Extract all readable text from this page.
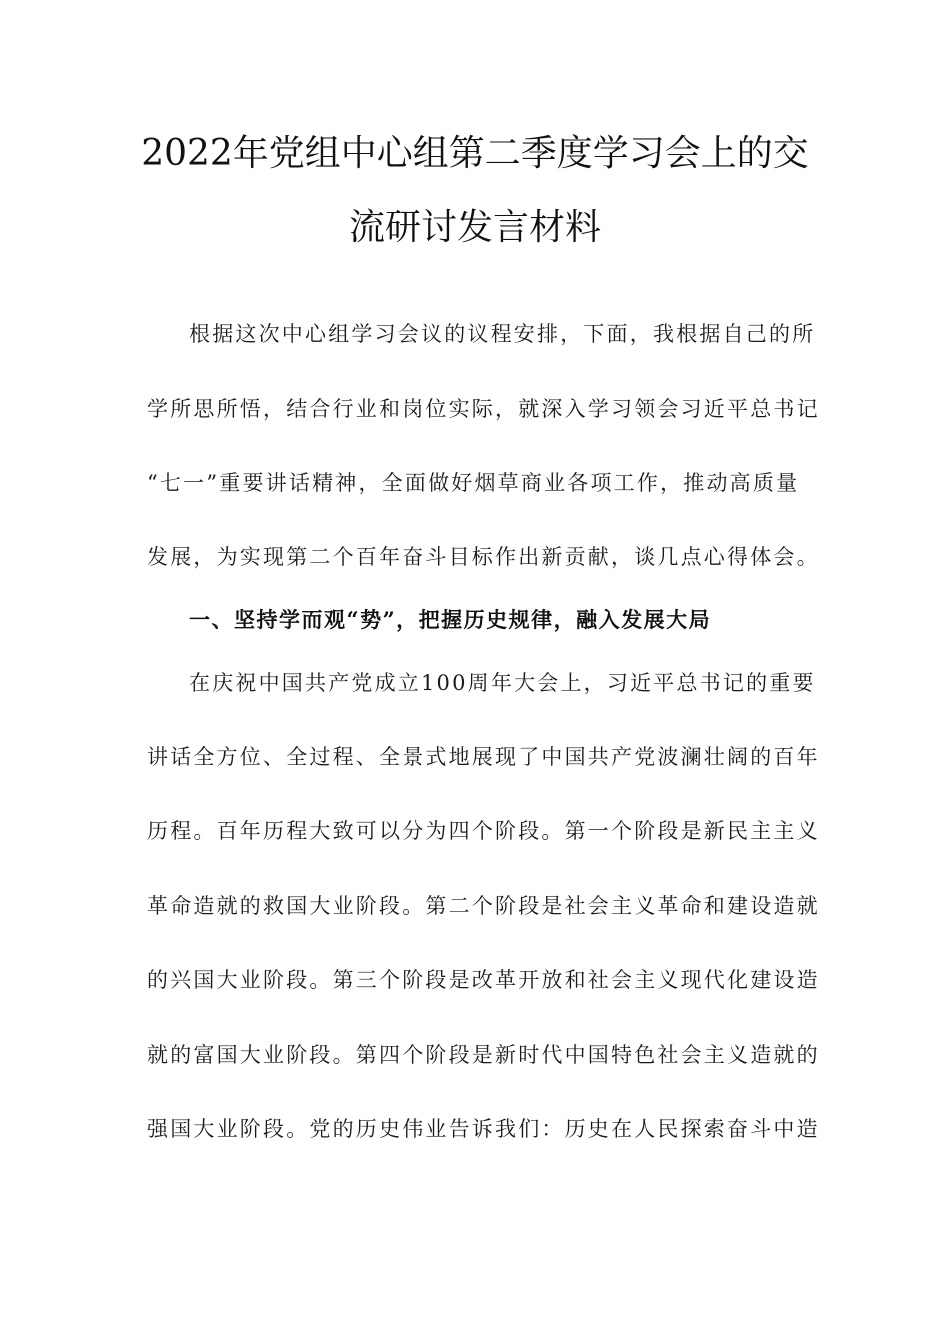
2022年党组中心组第二季度学习会上的交
流研讨发言材料
根据这次中心组学习会议的议程安排，下面，我根据自己的所
学所思所悟，结合行业和岗位实际，就深入学习领会习近平总书记
“七一”重要讲话精神，全面做好烟草商业各项工作，推动高质量
发展，为实现第二个百年奋斗目标作出新贡献，谈几点心得体会。
一、坚持学而观“势”，把握历史规律，融入发展大局
在庆祝中国共产党成立100周年大会上，习近平总书记的重要
讲话全方位、全过程、全景式地展现了中国共产党波澜壮阔的百年
历程。百年历程大致可以分为四个阶段。第一个阶段是新民主主义
革命造就的救国大业阶段。第二个阶段是社会主义革命和建设造就
的兴国大业阶段。第三个阶段是改革开放和社会主义现代化建设造
就的富国大业阶段。第四个阶段是新时代中国特色社会主义造就的
强国大业阶段。党的历史伟业告诉我们：历史在人民探索奋斗中造
